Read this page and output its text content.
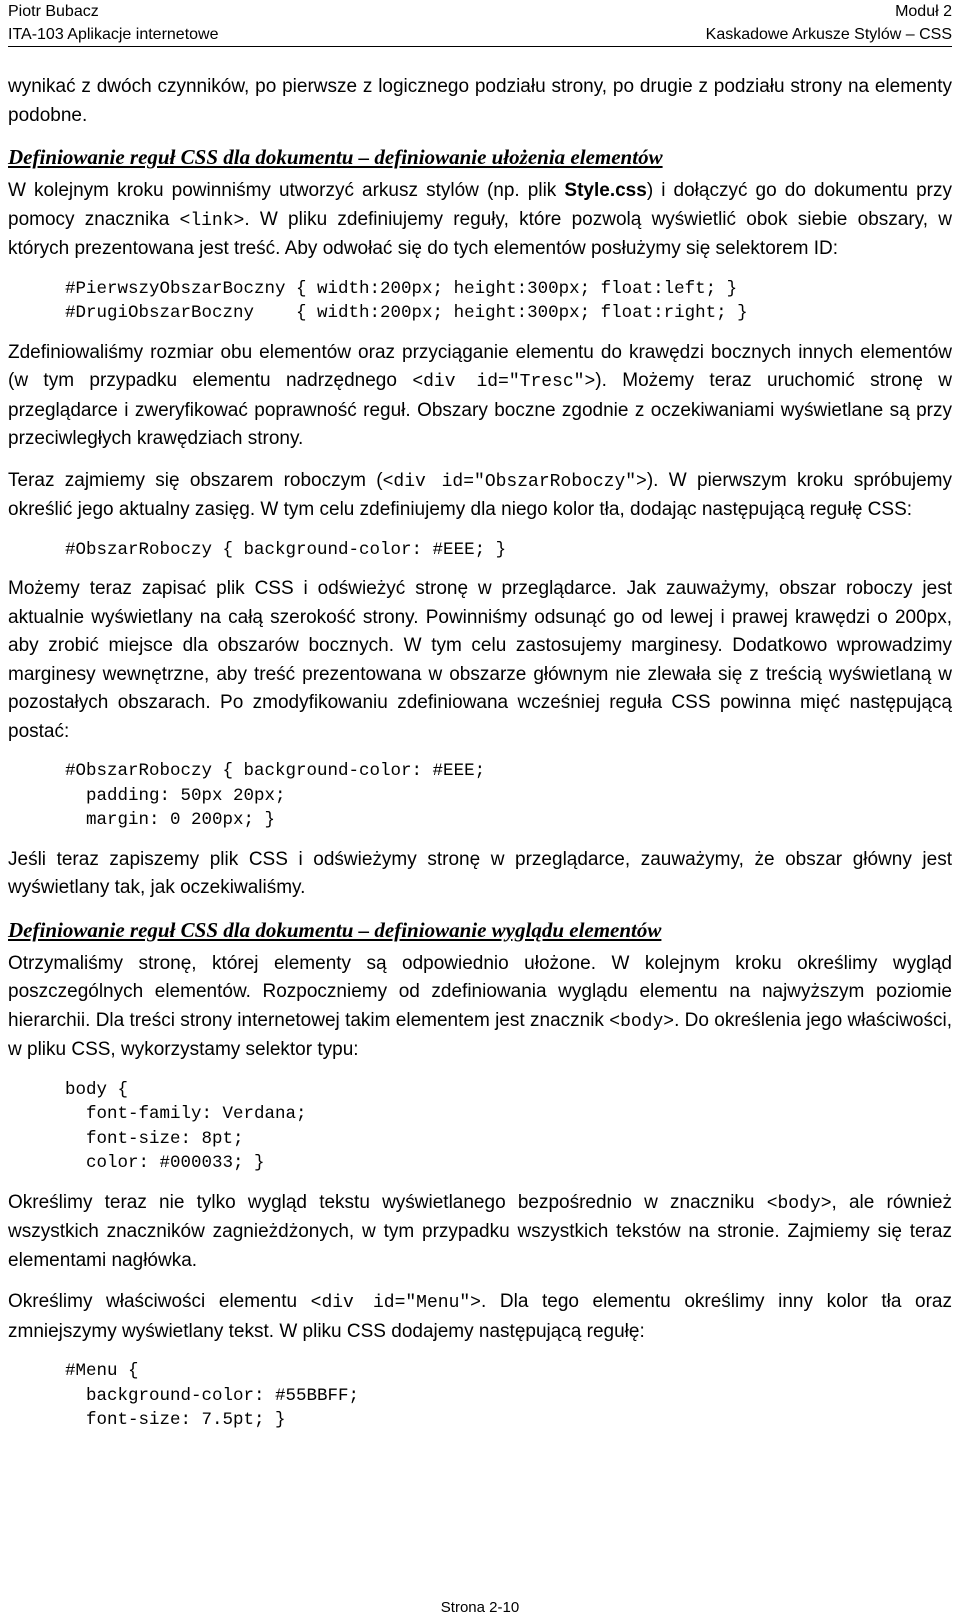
Piotr Bubacz
ITA-103 Aplikacje internetowe
Moduł 2
Kaskadowe Arkusze Stylów – CSS

wynikać z dwóch czynników, po pierwsze z logicznego podziału strony, po drugie z podziału strony na elementy podobne.

Definiowanie reguł CSS dla dokumentu – definiowanie ułożenia elementów

W kolejnym kroku powinniśmy utworzyć arkusz stylów (np. plik Style.css) i dołączyć go do dokumentu przy pomocy znacznika <link>. W pliku zdefiniujemy reguły, które pozwolą wyświetlić obok siebie obszary, w których prezentowana jest treść. Aby odwołać się do tych elementów posłużymy się selektorem ID:

#PierwszyObszarBoczny { width:200px; height:300px; float:left; }
#DrugiObszarBoczny    { width:200px; height:300px; float:right; }

Zdefiniowaliśmy rozmiar obu elementów oraz przyciąganie elementu do krawędzi bocznych innych elementów (w tym przypadku elementu nadrzędnego <div id="Tresc">). Możemy teraz uruchomić stronę w przeglądarce i zweryfikować poprawność reguł. Obszary boczne zgodnie z oczekiwaniami wyświetlane są przy przeciwległych krawędziach strony.

Teraz zajmiemy się obszarem roboczym (<div id="ObszarRoboczy">). W pierwszym kroku spróbujemy określić jego aktualny zasięg. W tym celu zdefiniujemy dla niego kolor tła, dodając następującą regułę CSS:

#ObszarRoboczy { background-color: #EEE; }

Możemy teraz zapisać plik CSS i odświeżyć stronę w przeglądarce. Jak zauważymy, obszar roboczy jest aktualnie wyświetlany na całą szerokość strony. Powinniśmy odsunąć go od lewej i prawej krawędzi o 200px, aby zrobić miejsce dla obszarów bocznych. W tym celu zastosujemy marginesy. Dodatkowo wprowadzimy marginesy wewnętrzne, aby treść prezentowana w obszarze głównym nie zlewała się z treścią wyświetlaną w pozostałych obszarach. Po zmodyfikowaniu zdefiniowana wcześniej reguła CSS powinna mięć następującą postać:

#ObszarRoboczy { background-color: #EEE;
padding: 50px 20px;
margin: 0 200px; }

Jeśli teraz zapiszemy plik CSS i odświeżymy stronę w przeglądarce, zauważymy, że obszar główny jest wyświetlany tak, jak oczekiwaliśmy.

Definiowanie reguł CSS dla dokumentu – definiowanie wyglądu elementów

Otrzymaliśmy stronę, której elementy są odpowiednio ułożone. W kolejnym kroku określimy wygląd poszczególnych elementów. Rozpoczniemy od zdefiniowania wyglądu elementu na najwyższym poziomie hierarchii. Dla treści strony internetowej takim elementem jest znacznik <body>. Do określenia jego właściwości, w pliku CSS, wykorzystamy selektor typu:

body {
font-family: Verdana;
font-size: 8pt;
color: #000033; }

Określimy teraz nie tylko wygląd tekstu wyświetlanego bezpośrednio w znaczniku <body>, ale również wszystkich znaczników zagnieżdżonych, w tym przypadku wszystkich tekstów na stronie. Zajmiemy się teraz elementami nagłówka.

Określimy właściwości elementu <div id="Menu">. Dla tego elementu określimy inny kolor tła oraz zmniejszymy wyświetlany tekst. W pliku CSS dodajemy następującą regułę:

#Menu {
background-color: #55BBFF;
font-size: 7.5pt; }
Strona 2-10
